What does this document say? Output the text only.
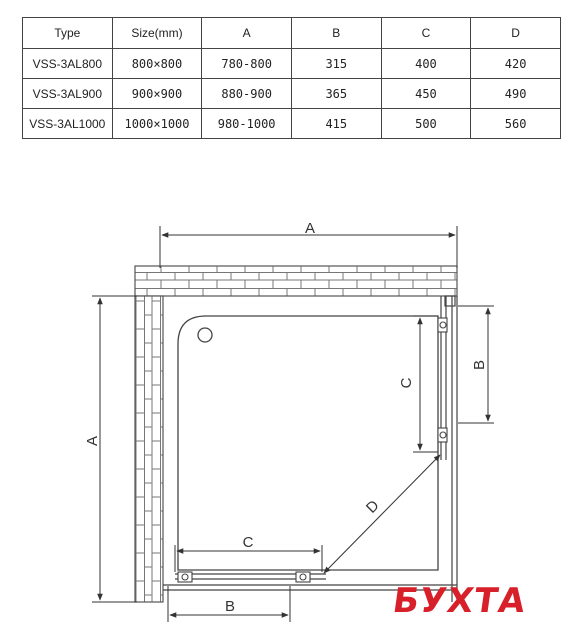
Type	Size(mm)	A	B	C	D
VSS-3AL800	800×800	780-800	315	400	420
VSS-3AL900	900×900	880-900	365	450	490
VSS-3AL1000	1000×1000	980-1000	415	500	560
A
A
B
C
D
C
B	БУХТА
